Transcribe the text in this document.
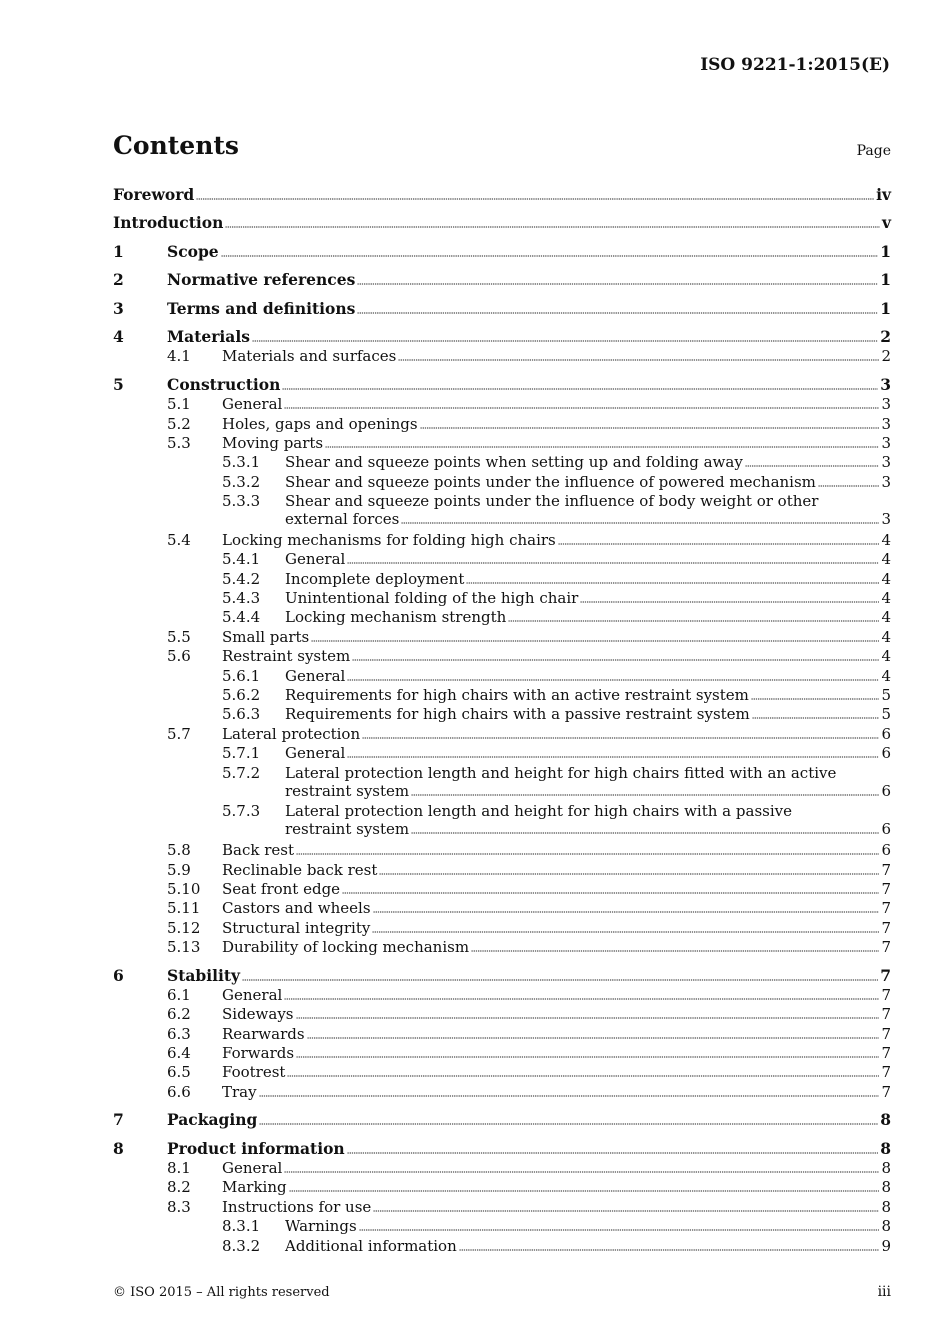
ISO 9221-1:2015(E)
Contents	Page
Foreword	iv
Introduction	v
1	Scope	1
2	Normative references	1
3	Terms and definitions	1
4	Materials	2
4.1 Materials and surfaces	2
5	Construction	3
5.1 General	3
5.2 Holes, gaps and openings	3
5.3 Moving parts	3
5.3.1 Shear and squeeze points when setting up and folding away	3
5.3.2 Shear and squeeze points under the influence of powered mechanism	3
5.3.3 Shear and squeeze points under the influence of body weight or other
external forces	3
5.4 Locking mechanisms for folding high chairs	4
5.4.1 General	4
5.4.2 Incomplete deployment	4
5.4.3 Unintentional folding of the high chair	4
5.4.4 Locking mechanism strength	4
5.5 Small parts	4
5.6 Restraint system	4
5.6.1 General	4
5.6.2 Requirements for high chairs with an active restraint system	5
5.6.3 Requirements for high chairs with a passive restraint system	5
5.7 Lateral protection	6
5.7.1 General	6
5.7.2 Lateral protection length and height for high chairs fitted with an active
restraint system	6
5.7.3 Lateral protection length and height for high chairs with a passive
restraint system	6
5.8 Back rest	6
5.9 Reclinable back rest	7
5.10 Seat front edge	7
5.11 Castors and wheels	7
5.12 Structural integrity	7
5.13 Durability of locking mechanism	7
6	Stability	7
6.1 General	7
6.2 Sideways	7
6.3 Rearwards	7
6.4 Forwards	7
6.5 Footrest	7
6.6 Tray	7
7	Packaging	8
8	Product information	8
8.1 General	8
8.2 Marking	8
8.3 Instructions for use	8
8.3.1 Warnings	8
8.3.2 Additional information	9
© ISO 2015 – All rights reserved	iii
